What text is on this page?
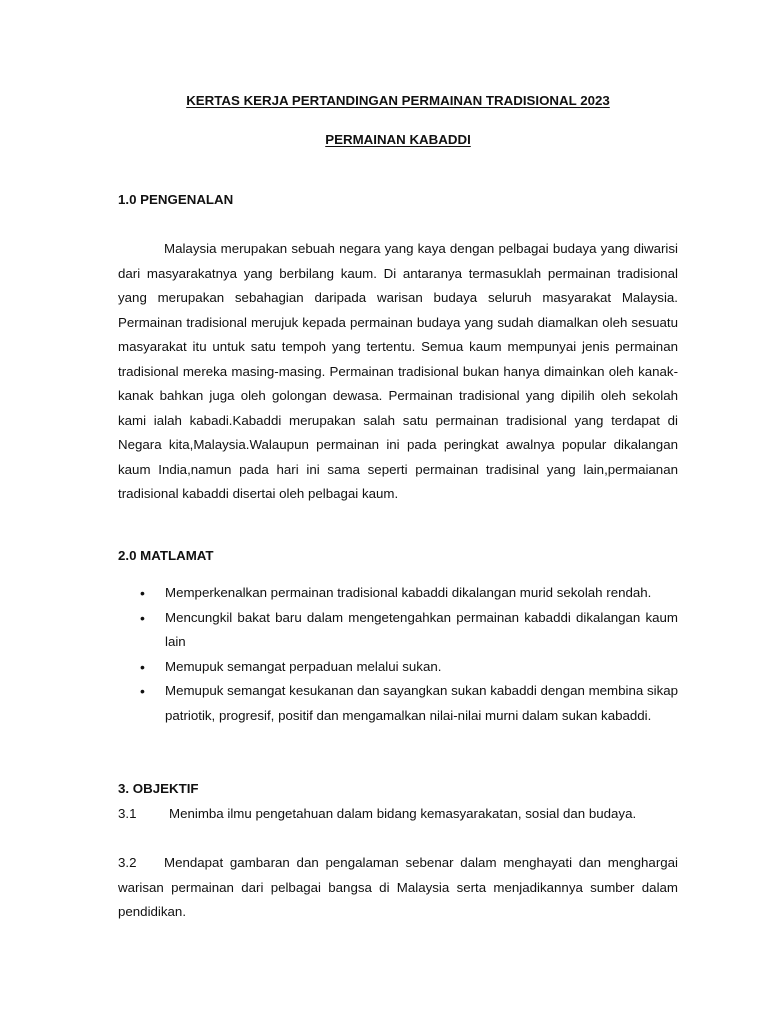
KERTAS KERJA PERTANDINGAN PERMAINAN TRADISIONAL 2023
PERMAINAN KABADDI
1.0 PENGENALAN
Malaysia merupakan sebuah negara yang kaya dengan pelbagai budaya yang diwarisi dari masyarakatnya yang berbilang kaum. Di antaranya termasuklah permainan tradisional yang merupakan sebahagian daripada warisan budaya seluruh masyarakat Malaysia. Permainan tradisional merujuk kepada permainan budaya yang sudah diamalkan oleh sesuatu masyarakat itu untuk satu tempoh yang tertentu. Semua kaum mempunyai jenis permainan tradisional mereka masing-masing. Permainan tradisional bukan hanya dimainkan oleh kanak-kanak bahkan juga oleh golongan dewasa. Permainan tradisional yang dipilih oleh sekolah kami ialah kabadi.Kabaddi merupakan salah satu permainan tradisional yang terdapat di Negara kita,Malaysia.Walaupun permainan ini pada peringkat awalnya popular dikalangan kaum India,namun pada hari ini sama seperti permainan tradisinal yang lain,permaianan tradisional kabaddi disertai oleh pelbagai kaum.
2.0 MATLAMAT
• Memperkenalkan permainan tradisional kabaddi dikalangan murid sekolah rendah.
• Mencungkil bakat baru dalam mengetengahkan permainan kabaddi dikalangan kaum lain
• Memupuk semangat perpaduan melalui sukan.
• Memupuk semangat kesukanan dan sayangkan sukan kabaddi dengan membina sikap    patriotik, progresif, positif dan mengamalkan nilai-nilai murni dalam sukan kabaddi.
3. OBJEKTIF
3.1 Menimba ilmu pengetahuan dalam bidang kemasyarakatan, sosial dan budaya.
3.2 Mendapat gambaran dan pengalaman sebenar dalam menghayati dan menghargai warisan permainan dari pelbagai bangsa di Malaysia serta menjadikannya sumber dalam pendidikan.
